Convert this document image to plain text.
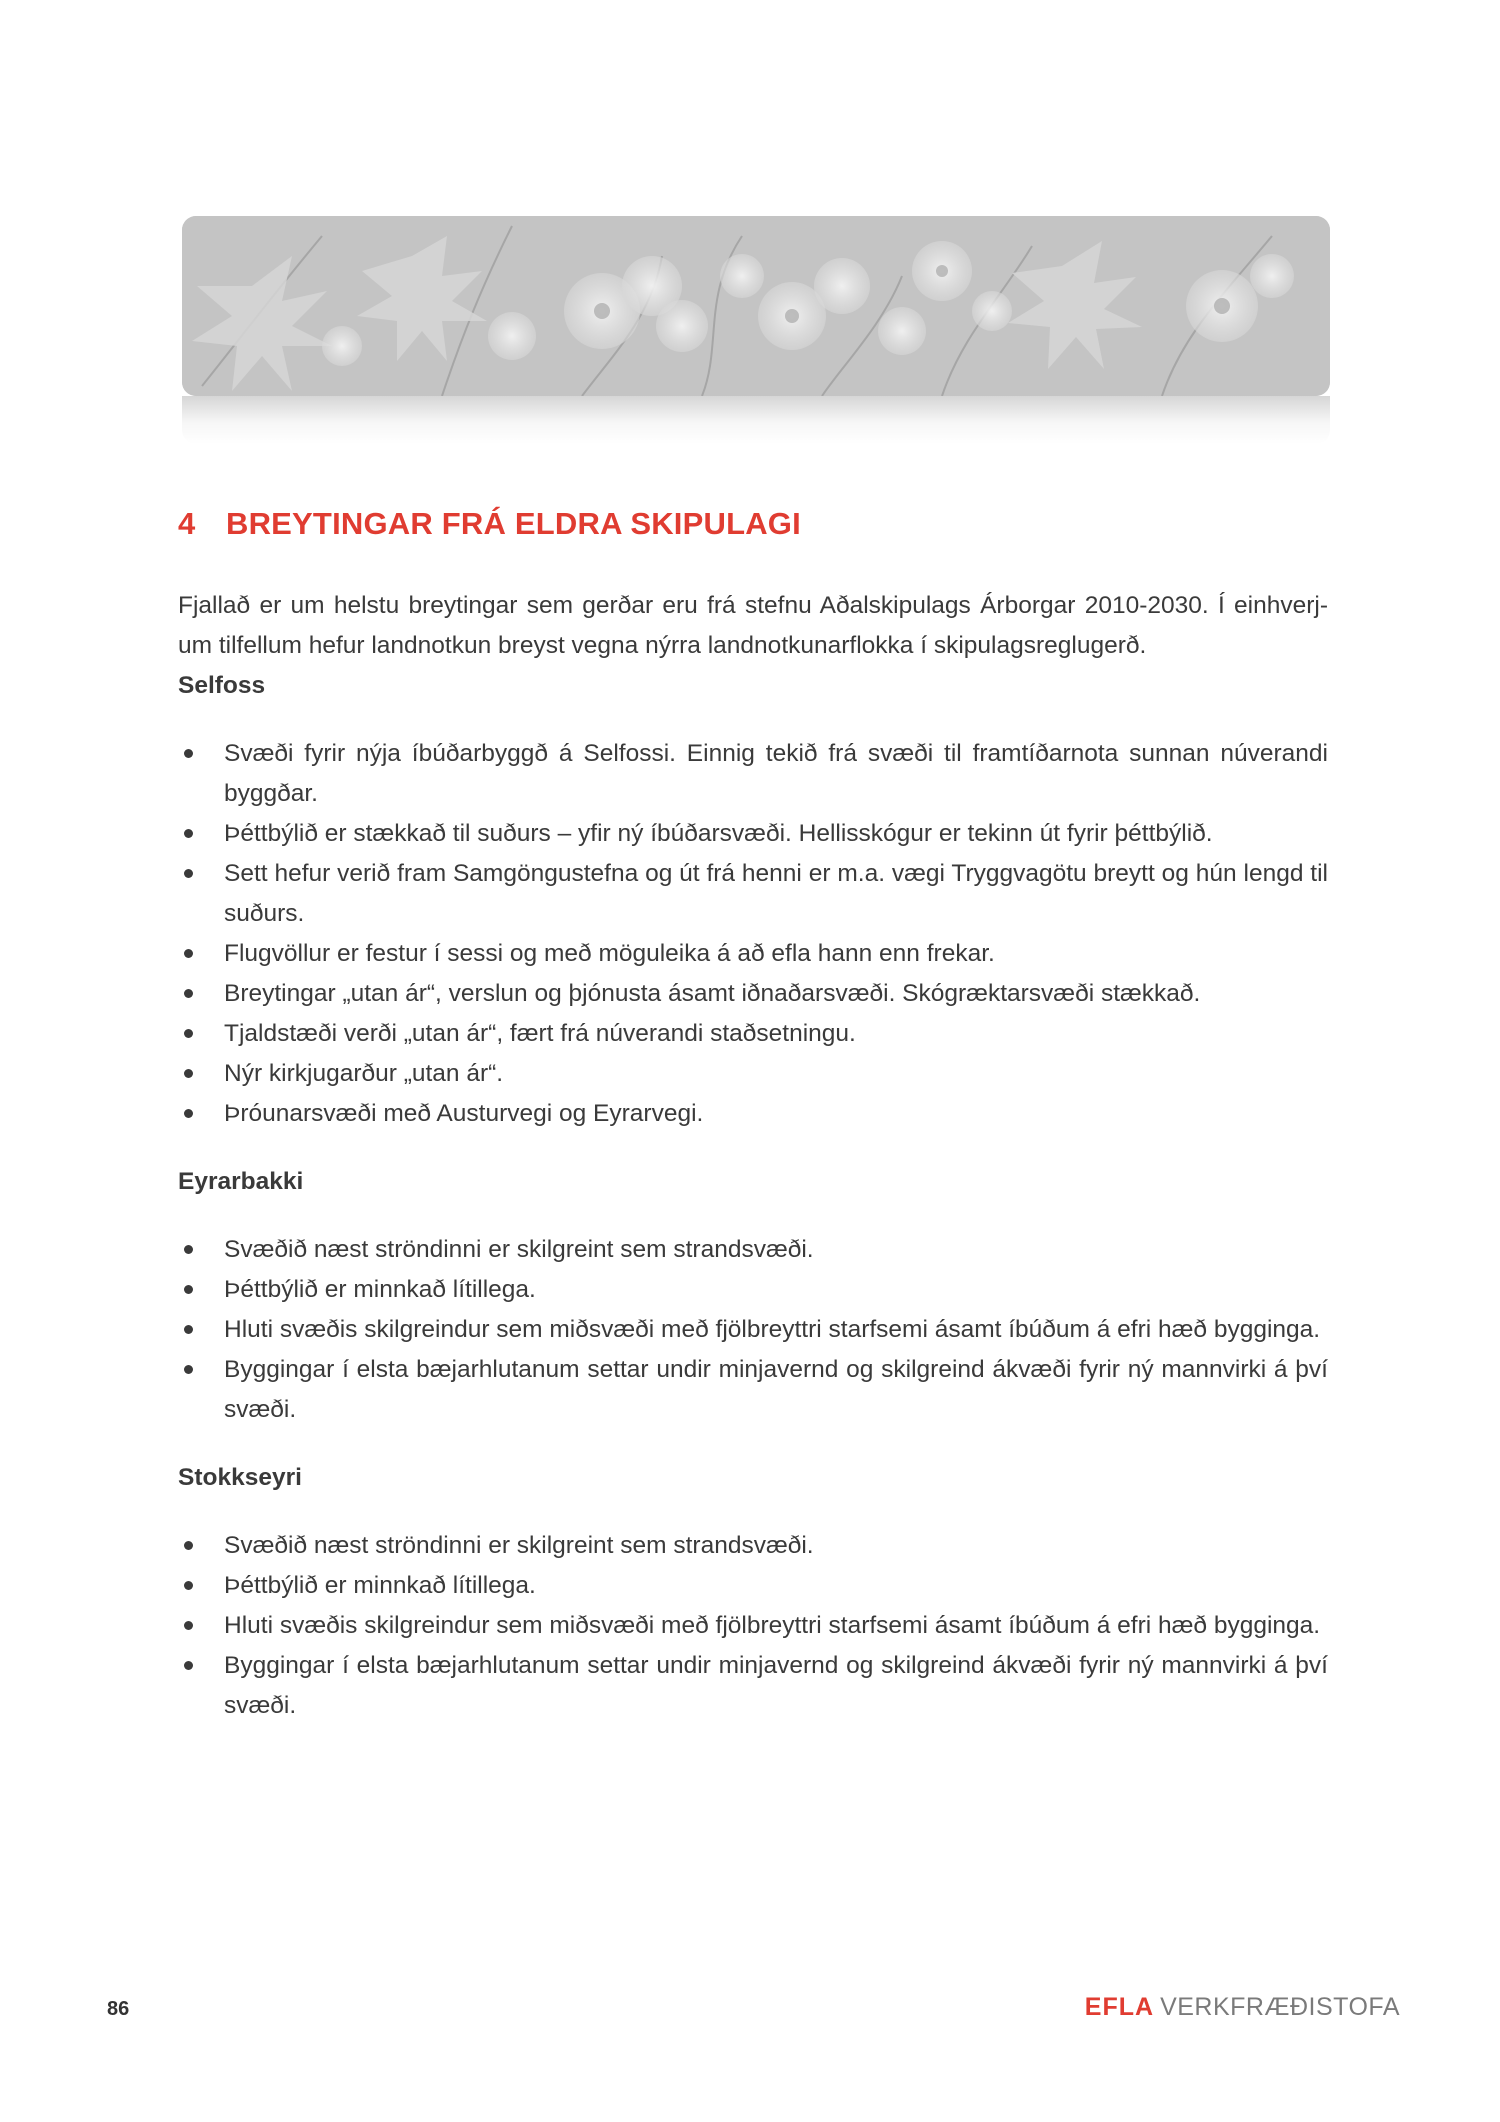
4 BREYTINGAR FRÁ ELDRA SKIPULAGI

Fjallað er um helstu breytingar sem gerðar eru frá stefnu Aðalskipulags Árborgar 2010-2030. Í einhverj- um tilfellum hefur landnotkun breyst vegna nýrra landnotkunarflokka í skipulagsreglugerð.

Selfoss

Svæði fyrir nýja íbúðarbyggð á Selfossi. Einnig tekið frá svæði til framtíðarnota sunnan núverandi byggðar.
Þéttbýlið er stækkað til suðurs – yfir ný íbúðarsvæði. Hellisskógur er tekinn út fyrir þéttbýlið.
Sett hefur verið fram Samgöngustefna og út frá henni er m.a. vægi Tryggvagötu breytt og hún lengd til suðurs.
Flugvöllur er festur í sessi og með möguleika á að efla hann enn frekar.
Breytingar „utan ár“, verslun og þjónusta ásamt iðnaðarsvæði. Skógræktarsvæði stækkað.
Tjaldstæði verði „utan ár“, fært frá núverandi staðsetningu.
Nýr kirkjugarður „utan ár“.
Þróunarsvæði með Austurvegi og Eyrarvegi.

Eyrarbakki

Svæðið næst ströndinni er skilgreint sem strandsvæði.
Þéttbýlið er minnkað lítillega.
Hluti svæðis skilgreindur sem miðsvæði með fjölbreyttri starfsemi ásamt íbúðum á efri hæð bygginga.
Byggingar í elsta bæjarhlutanum settar undir minjavernd og skilgreind ákvæði fyrir ný mannvirki á því svæði.

Stokkseyri

Svæðið næst ströndinni er skilgreint sem strandsvæði.
Þéttbýlið er minnkað lítillega.
Hluti svæðis skilgreindur sem miðsvæði með fjölbreyttri starfsemi ásamt íbúðum á efri hæð bygginga.
Byggingar í elsta bæjarhlutanum settar undir minjavernd og skilgreind ákvæði fyrir ný mannvirki á því svæði.
86	EFLA VERKFRÆÐISTOFA
